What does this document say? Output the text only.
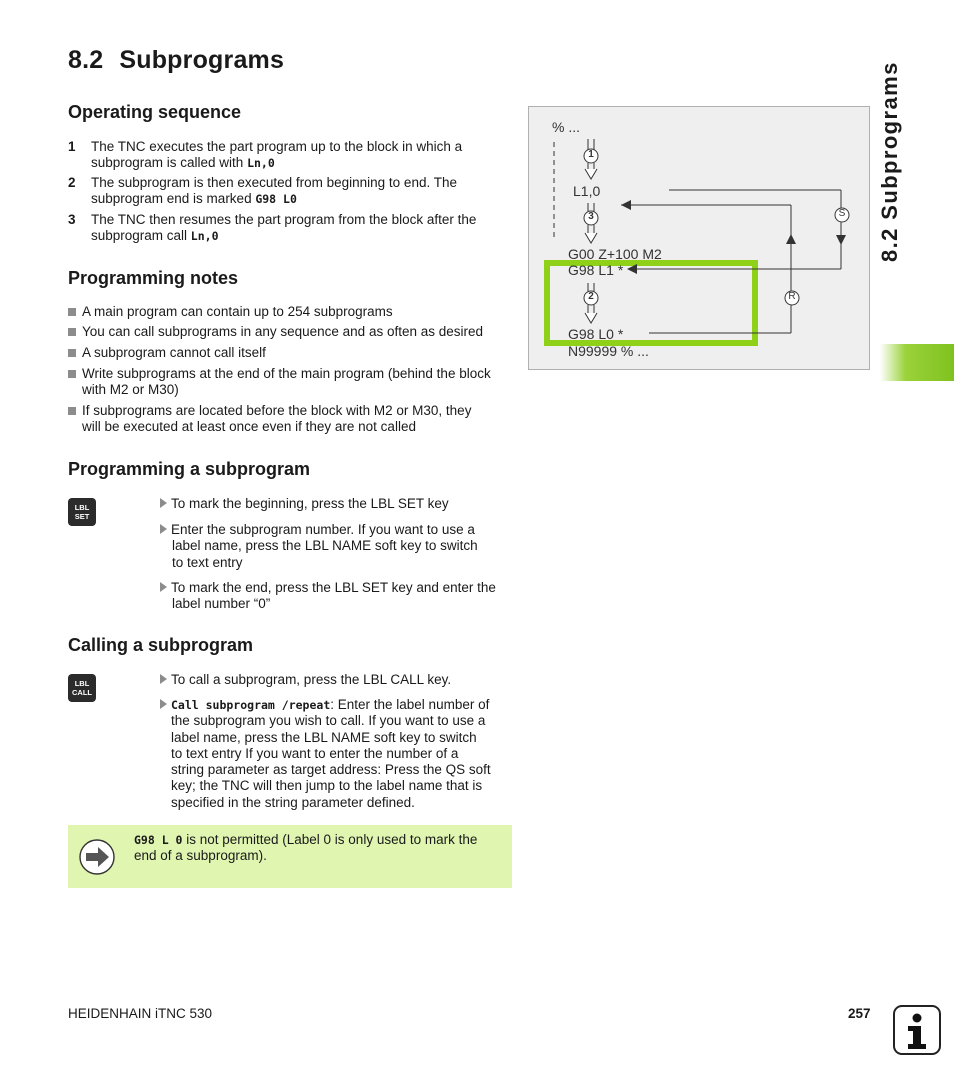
8.2 Subprograms
8.2 Subprograms
Operating sequence
1 The TNC executes the part program up to the block in which a
subprogram is called with Ln,0
2 The subprogram is then executed from beginning to end. The
subprogram end is marked G98 L0
3 The TNC then resumes the part program from the block after the
subprogram call Ln,0
Programming notes
A main program can contain up to 254 subprograms
You can call subprograms in any sequence and as often as desired
A subprogram cannot call itself
Write subprograms at the end of the main program (behind the block
with M2 or M30)
If subprograms are located before the block with M2 or M30, they
will be executed at least once even if they are not called
Programming a subprogram
LBL
SET
To mark the beginning, press the LBL SET key
Enter the subprogram number. If you want to use a
label name, press the LBL NAME soft key to switch
to text entry
To mark the end, press the LBL SET key and enter the
label number “0”
Calling a subprogram
LBL
CALL
To call a subprogram, press the LBL CALL key.
Call subprogram /repeat: Enter the label number of
the subprogram you wish to call. If you want to use a
label name, press the LBL NAME soft key to switch
to text entry If you want to enter the number of a
string parameter as target address: Press the QS soft
key; the TNC will then jump to the label name that is
specified in the string parameter defined.
G98 L 0 is not permitted (Label 0 is only used to mark the
end of a subprogram).
1
3
2
S
R
% ...
L1,0
G00 Z+100 M2
G98 L1 *
G98 L0 *
N99999 % ...
HEIDENHAIN iTNC 530	257
